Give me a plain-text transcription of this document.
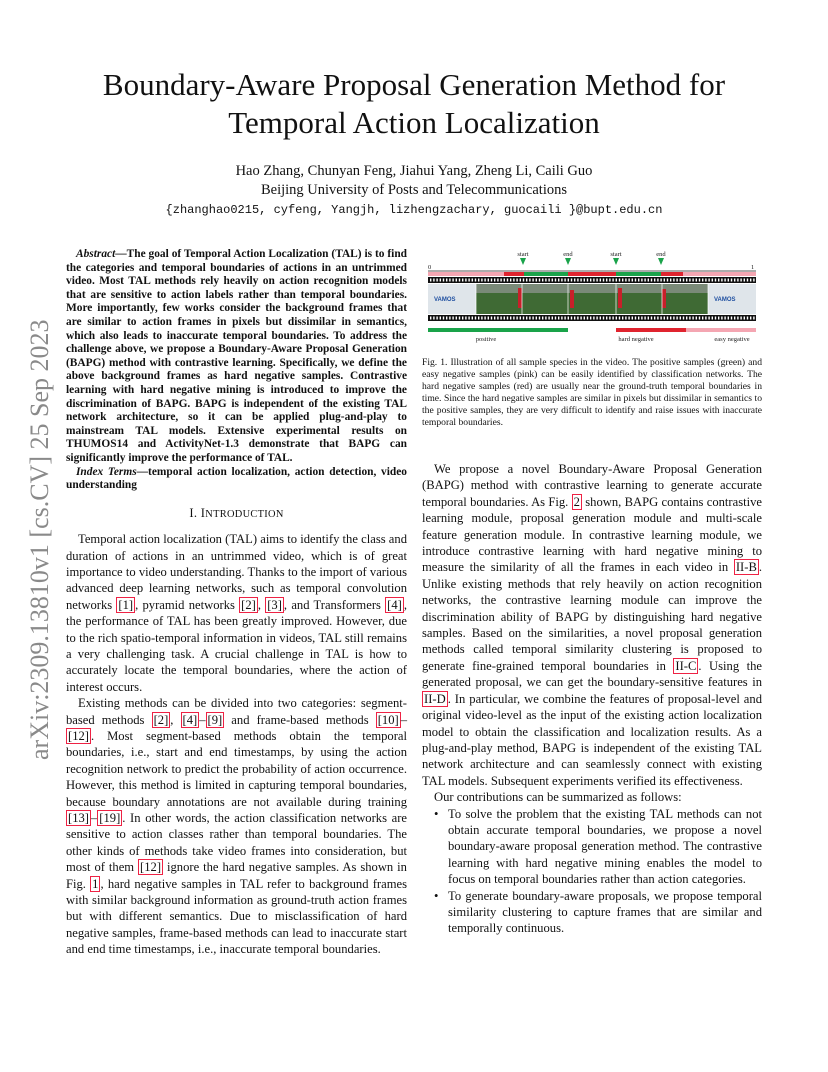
arXiv:2309.13810v1 [cs.CV] 25 Sep 2023
Boundary-Aware Proposal Generation Method for
Temporal Action Localization
Hao Zhang, Chunyan Feng, Jiahui Yang, Zheng Li, Caili Guo
Beijing University of Posts and Telecommunications
{zhanghao0215, cyfeng, Yangjh, lizhengzachary, guocaili }@bupt.edu.cn

Abstract—The goal of Temporal Action Localization (TAL) is to find the categories and temporal boundaries of actions in an untrimmed video. Most TAL methods rely heavily on action recognition models that are sensitive to action labels rather than temporal boundaries. More importantly, few works consider the background frames that are similar to action frames in pixels but dissimilar in semantics, which also leads to inaccurate temporal boundaries. To address the challenge above, we propose a Boundary-Aware Proposal Generation (BAPG) method with contrastive learning. Specifically, we define the above background frames as hard negative samples. Contrastive learning with hard negative mining is introduced to improve the discrimination of BAPG. BAPG is independent of the existing TAL network architecture, so it can be applied plug-and-play to mainstream TAL models. Extensive experimental results on THUMOS14 and ActivityNet-1.3 demonstrate that BAPG can significantly improve the performance of TAL.

Index Terms—temporal action localization, action detection, video understanding

I. INTRODUCTION

Temporal action localization (TAL) aims to identify the class and duration of actions in an untrimmed video, which is of great importance to video understanding. Thanks to the import of various advanced deep learning networks, such as temporal convolution networks [1] , pyramid networks [2] , [3] , and Transformers [4] , the performance of TAL has been greatly improved. However, due to the rich spatio-temporal information in videos, TAL still remains a very challenging task. A crucial challenge in TAL is how to accurately locate the temporal boundaries, where the action of interest occurs.

Existing methods can be divided into two categories: segment-based methods [2] , [4] – [9] and frame-based methods [10] –[12] . Most segment-based methods obtain the temporal boundaries, i.e., start and end timestamps, by using the action recognition network to predict the probability of action occurrence. However, this method is limited in capturing temporal boundaries, because boundary annotations are not available during training [13] – [19] . In other words, the action classification networks are sensitive to action classes rather than temporal boundaries. The other kinds of methods take video frames into consideration, but most of them [12] ignore the hard negative samples. As shown in Fig. 1 , hard negative samples in TAL refer to background frames with similar background information as ground-truth action frames but with different semantics. Due to misclassification of hard negative samples, frame-based methods can lead to inaccurate start and end time timestamps, i.e., inaccurate temporal boundaries.

start	end	start	end
0	1
VAMOS	VAMOS
positive	hard negative	easy negative
Fig. 1. Illustration of all sample species in the video. The positive samples (green) and easy negative samples (pink) can be easily identified by classification networks. The hard negative samples (red) are usually near the ground-truth temporal boundaries in time. Since the hard negative samples are similar in pixels but dissimilar in semantics to the positive samples, they are very difficult to identify and raise issues with inaccurate temporal boundaries.

We propose a novel Boundary-Aware Proposal Generation (BAPG) method with contrastive learning to generate accurate temporal boundaries. As Fig. 2 shown, BAPG contains contrastive learning module, proposal generation module and multi-scale feature generation module. In contrastive learning module, we introduce contrastive learning with hard negative mining to measure the similarity of all the frames in each video in II-B . Unlike existing methods that rely heavily on action recognition networks, the contrastive learning module can improve the discrimination ability of BAPG by distinguishing hard negative samples. Based on the similarities, a novel proposal generation methods called temporal similarity clustering is proposed to generate fine-grained temporal boundaries in II-C . Using the generated proposal, we can get the boundary-sensitive features in II-D . In particular, we combine the features of proposal-level and original video-level as the input of the existing action localization model to obtain the classification and localization results. As a plug-and-play method, BAPG is independent of the existing TAL network architecture and can seamlessly connect with existing TAL models. Subsequent experiments verified its effectiveness.

Our contributions can be summarized as follows:

• To solve the problem that the existing TAL methods can not obtain accurate temporal boundaries, we propose a novel boundary-aware proposal generation method. The contrastive learning with hard negative mining enables the model to focus on temporal boundaries rather than action categories.

• To generate boundary-aware proposals, we propose temporal similarity clustering to capture frames that are similar and temporally continuous.
